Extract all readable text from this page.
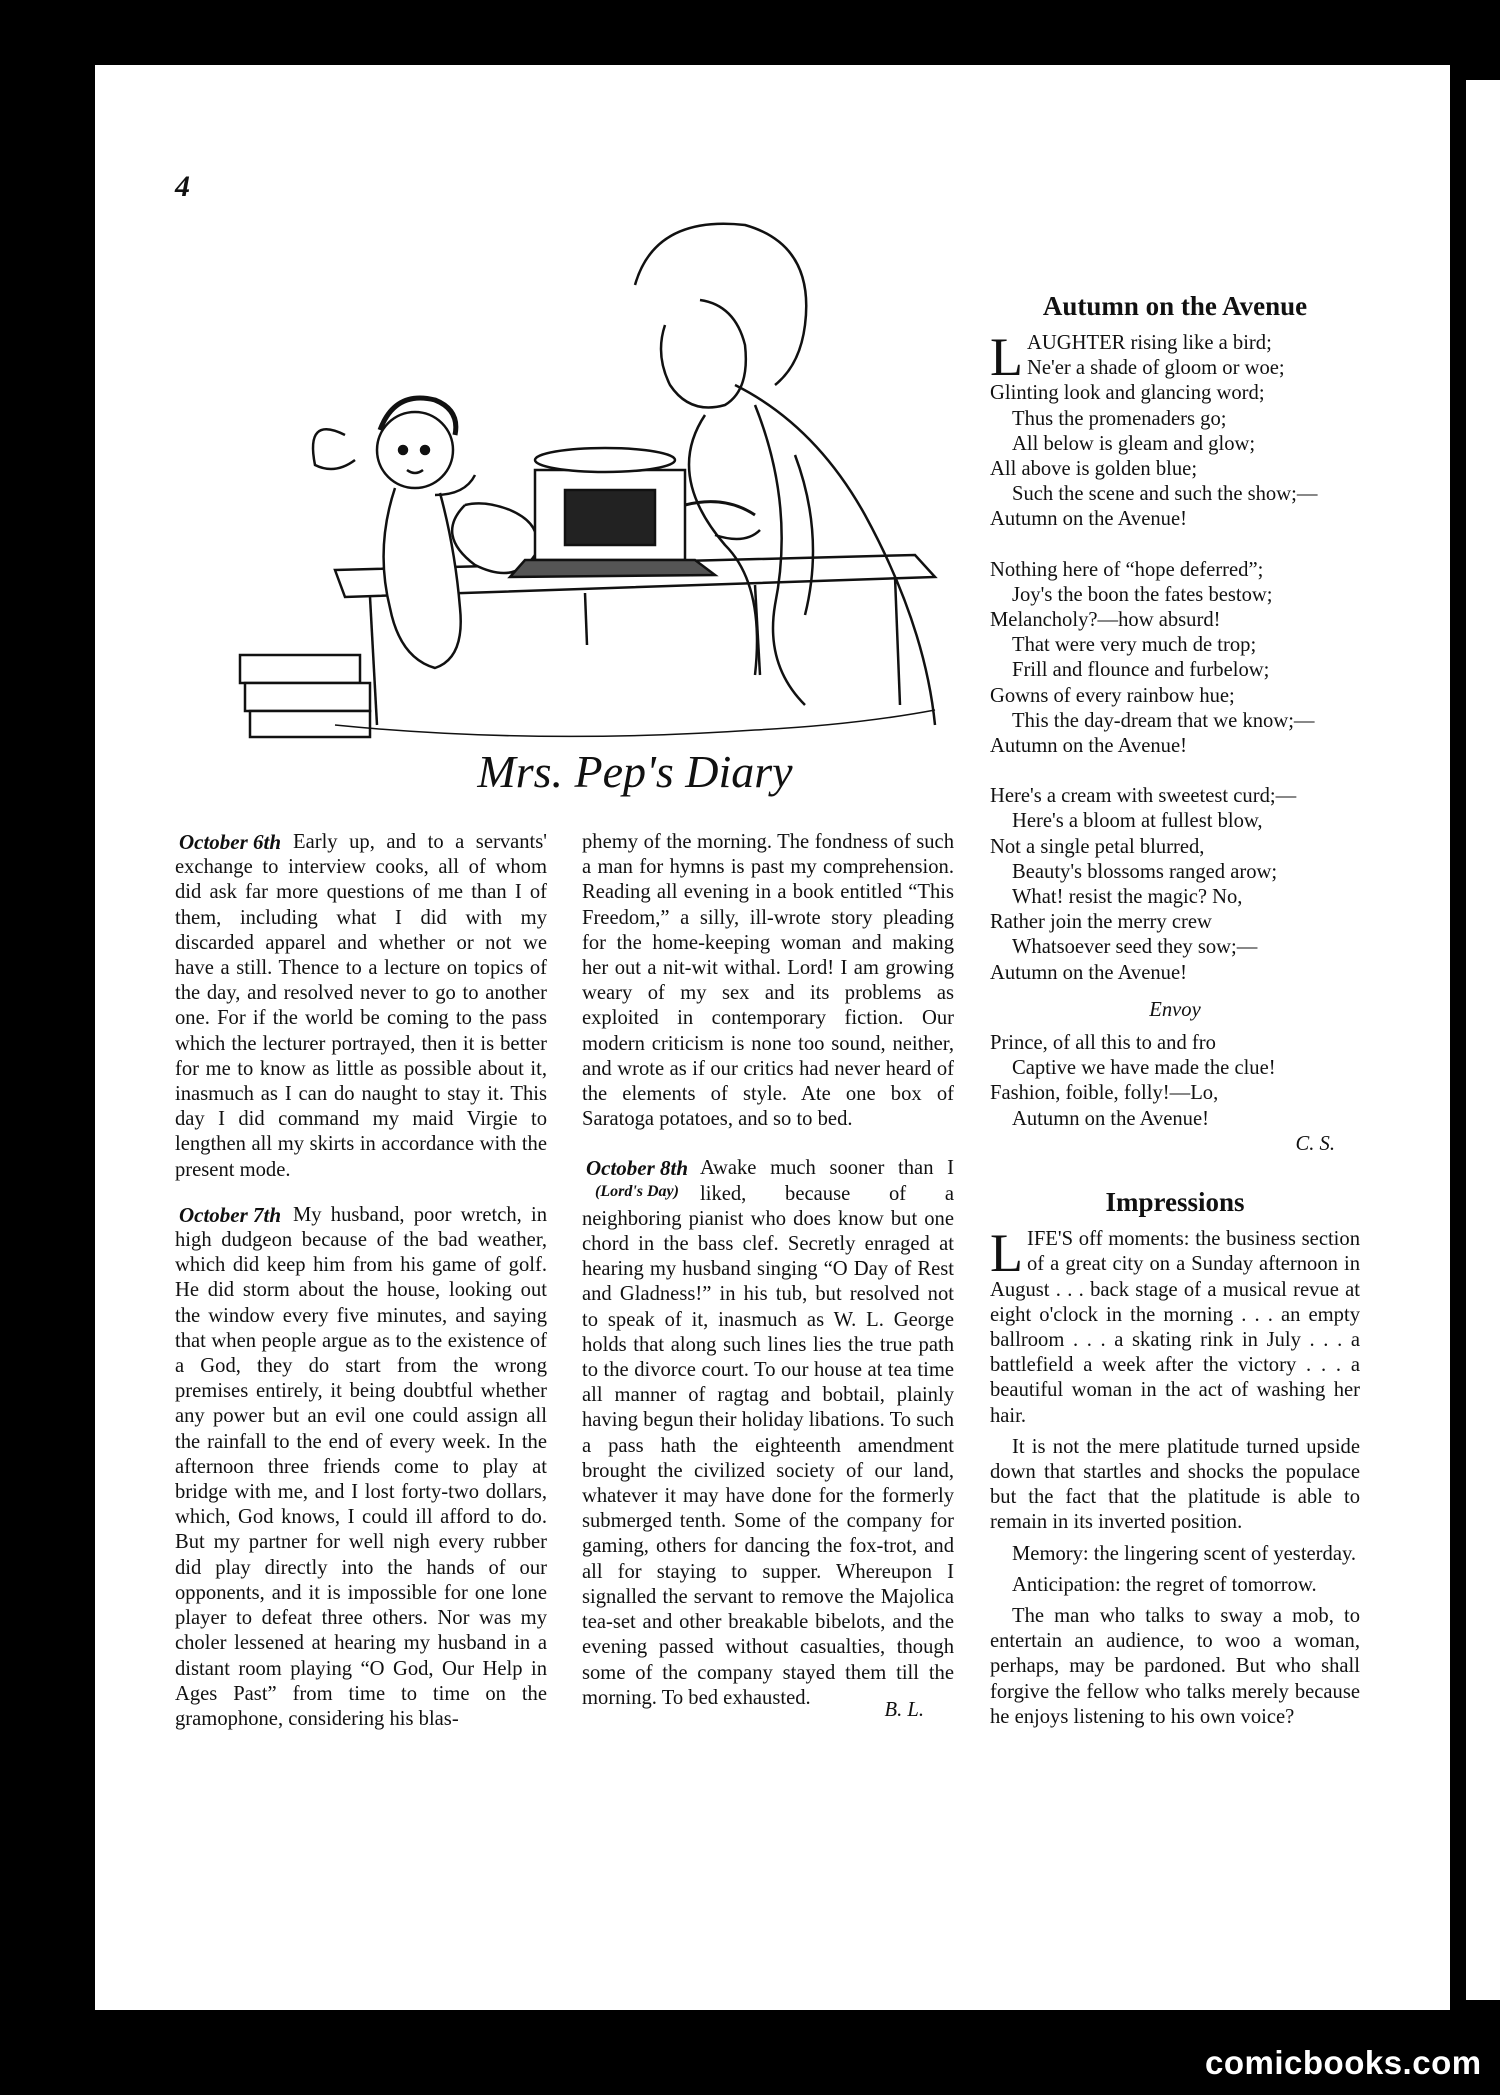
4
Mrs. Pep's Diary
October 6th Early up, and to a servants' exchange to interview cooks, all of whom did ask far more questions of me than I of them, including what I did with my discarded apparel and whether or not we have a still. Thence to a lecture on topics of the day, and resolved never to go to another one. For if the world be coming to the pass which the lecturer portrayed, then it is better for me to know as little as possible about it, inasmuch as I can do naught to stay it. This day I did command my maid Virgie to lengthen all my skirts in accordance with the present mode.

October 7th My husband, poor wretch, in high dudgeon because of the bad weather, which did keep him from his game of golf. He did storm about the house, looking out the window every five minutes, and saying that when people argue as to the existence of a God, they do start from the wrong premises entirely, it being doubtful whether any power but an evil one could assign all the rainfall to the end of every week. In the afternoon three friends come to play at bridge with me, and I lost forty-two dollars, which, God knows, I could ill afford to do. But my partner for well nigh every rubber did play directly into the hands of our opponents, and it is impossible for one lone player to defeat three others. Nor was my choler lessened at hearing my husband in a distant room playing “O God, Our Help in Ages Past” from time to time on the gramophone, considering his blas-

phemy of the morning. The fondness of such a man for hymns is past my comprehension. Reading all evening in a book entitled “This Freedom,” a silly, ill-wrote story pleading for the home-keeping woman and making her out a nit-wit withal. Lord! I am growing weary of my sex and its problems as exploited in contemporary fiction. Our modern criticism is none too sound, neither, and wrote as if our critics had never heard of the elements of style. Ate one box of Saratoga potatoes, and so to bed.

October 8th
(Lord's Day)

Awake much sooner than I liked, because of a neighboring pianist who does know but one chord in the bass clef. Secretly enraged at hearing my husband singing “O Day of Rest and Gladness!” in his tub, but resolved not to speak of it, inasmuch as W. L. George holds that along such lines lies the true path to the divorce court. To our house at tea time all manner of ragtag and bobtail, plainly having begun their holiday libations. To such a pass hath the eighteenth amendment brought the civilized society of our land, whatever it may have done for the formerly submerged tenth. Some of the company for gaming, others for dancing the fox-trot, and all for staying to supper. Whereupon I signalled the servant to remove the Majolica tea-set and other breakable bibelots, and the evening passed without casualties, though some of the company stayed them till the morning. To bed exhausted.

B. L.
Autumn on the Avenue
LAUGHTER rising like a bird;
Ne'er a shade of gloom or woe;
Glinting look and glancing word;
Thus the promenaders go;
All below is gleam and glow;
All above is golden blue;
Such the scene and such the show;—
Autumn on the Avenue!
Nothing here of “hope deferred”;
Joy's the boon the fates bestow;
Melancholy?—how absurd!
That were very much de trop;
Frill and flounce and furbelow;
Gowns of every rainbow hue;
This the day-dream that we know;—
Autumn on the Avenue!
Here's a cream with sweetest curd;—
Here's a bloom at fullest blow,
Not a single petal blurred,
Beauty's blossoms ranged arow;
What! resist the magic? No,
Rather join the merry crew
Whatsoever seed they sow;—
Autumn on the Avenue!
Envoy
Prince, of all this to and fro
Captive we have made the clue!
Fashion, foible, folly!—Lo,
Autumn on the Avenue!
C. S.
Impressions

LIFE'S off moments: the business section of a great city on a Sunday afternoon in August . . . back stage of a musical revue at eight o'clock in the morning . . . an empty ballroom . . . a skating rink in July . . . a battlefield a week after the victory . . . a beautiful woman in the act of washing her hair.

It is not the mere platitude turned upside down that startles and shocks the populace but the fact that the platitude is able to remain in its inverted position.

Memory: the lingering scent of yesterday.

Anticipation: the regret of tomorrow.

The man who talks to sway a mob, to entertain an audience, to woo a woman, perhaps, may be pardoned. But who shall forgive the fellow who talks merely because he enjoys listening to his own voice?

comicbooks.com
